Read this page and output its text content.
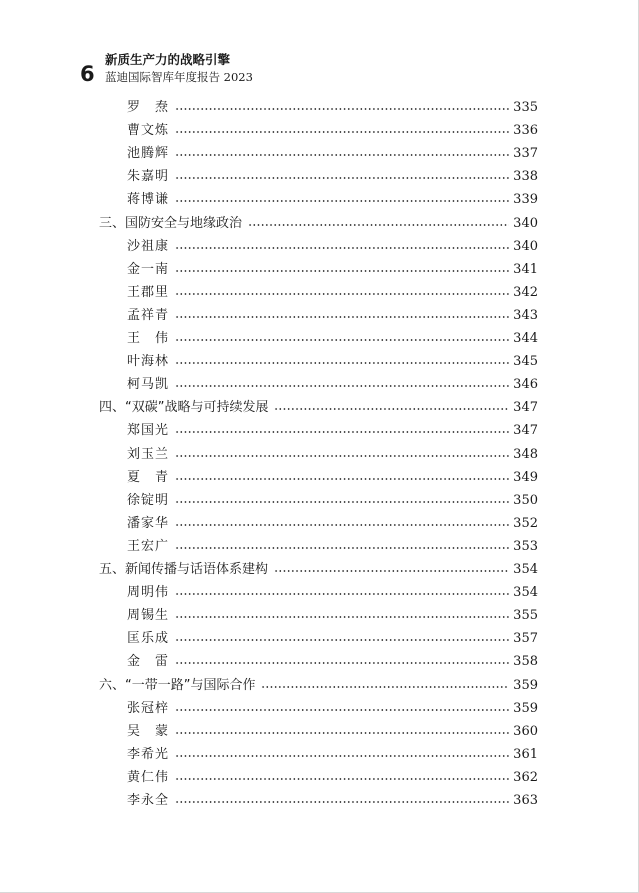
6
新质生产力的战略引擎
蓝迪国际智库年度报告 2023
罗　焘	335
曹文炼	336
池腾辉	337
朱嘉明	338
蒋博谦	339
三、国防安全与地缘政治	340
沙祖康	340
金一南	341
王郡里	342
孟祥青	343
王　伟	344
叶海林	345
柯马凯	346
四、“双碳”战略与可持续发展	347
郑国光	347
刘玉兰	348
夏　青	349
徐锭明	350
潘家华	352
王宏广	353
五、新闻传播与话语体系建构	354
周明伟	354
周锡生	355
匡乐成	357
金　雷	358
六、“一带一路”与国际合作	359
张冠梓	359
吴　蒙	360
李希光	361
黄仁伟	362
李永全	363
